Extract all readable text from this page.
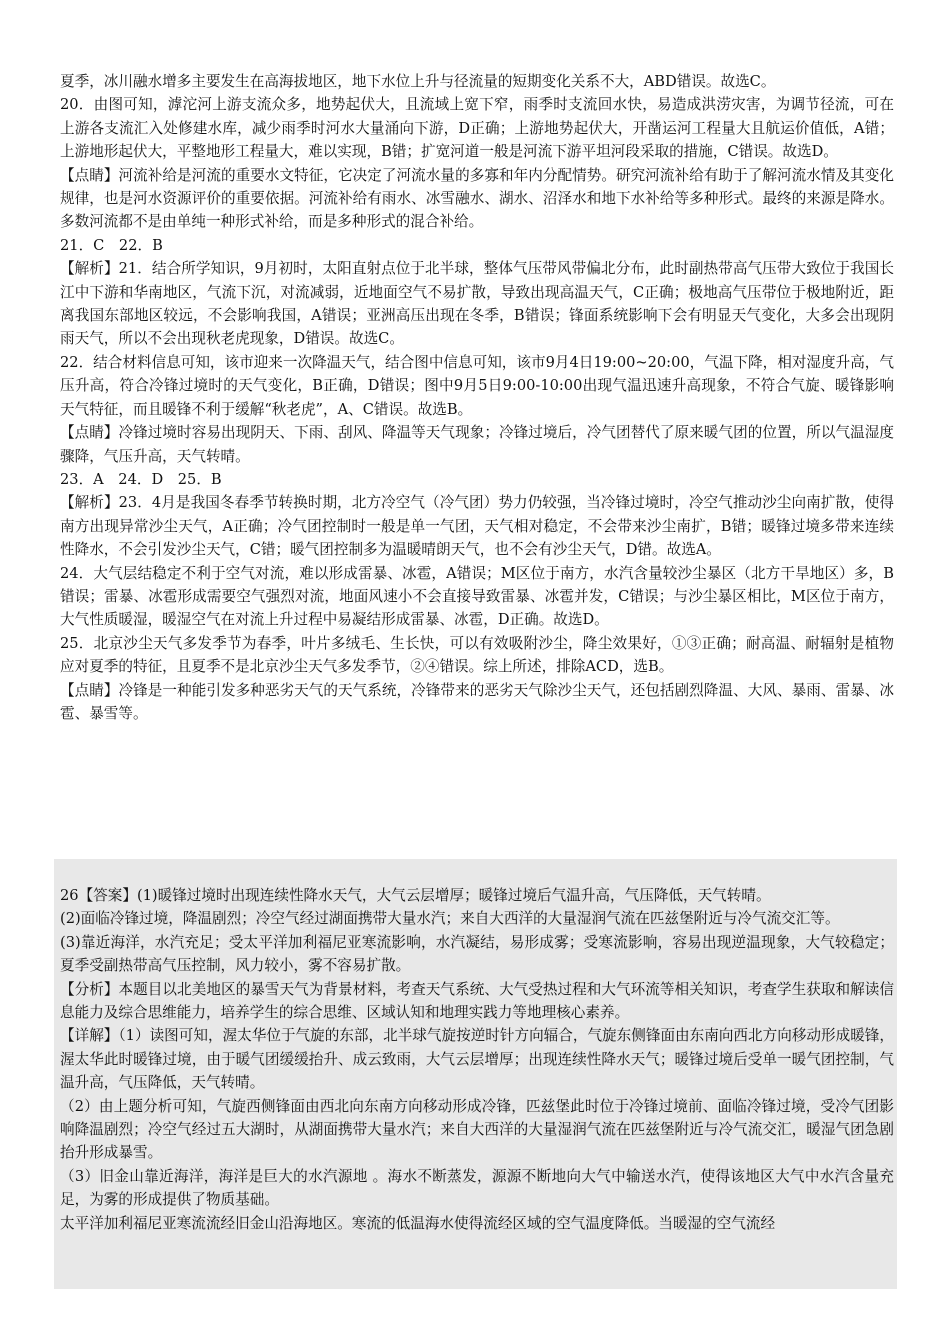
夏季，冰川融水增多主要发生在高海拔地区，地下水位上升与径流量的短期变化关系不大，ABD错误。故选C。

20．由图可知，滹沱河上游支流众多，地势起伏大，且流域上宽下窄，雨季时支流回水快，易造成洪涝灾害，为调节径流，可在上游各支流汇入处修建水库，减少雨季时河水大量涌向下游，D正确；上游地势起伏大，开凿运河工程量大且航运价值低，A错；上游地形起伏大，平整地形工程量大，难以实现，B错；扩宽河道一般是河流下游平坦河段采取的措施，C错误。故选D。

【点睛】河流补给是河流的重要水文特征，它决定了河流水量的多寡和年内分配情势。研究河流补给有助于了解河流水情及其变化规律，也是河水资源评价的重要依据。河流补给有雨水、冰雪融水、湖水、沼泽水和地下水补给等多种形式。最终的来源是降水。多数河流都不是由单纯一种形式补给，而是多种形式的混合补给。

21．C　22．B

【解析】21．结合所学知识，9月初时，太阳直射点位于北半球，整体气压带风带偏北分布，此时副热带高气压带大致位于我国长江中下游和华南地区，气流下沉，对流减弱，近地面空气不易扩散，导致出现高温天气，C正确；极地高气压带位于极地附近，距离我国东部地区较远，不会影响我国，A错误；亚洲高压出现在冬季，B错误；锋面系统影响下会有明显天气变化，大多会出现阴雨天气，所以不会出现秋老虎现象，D错误。故选C。

22．结合材料信息可知，该市迎来一次降温天气，结合图中信息可知，该市9月4日19:00~20:00，气温下降，相对湿度升高，气压升高，符合冷锋过境时的天气变化，B正确，D错误；图中9月5日9:00-10:00出现气温迅速升高现象，不符合气旋、暖锋影响天气特征，而且暖锋不利于缓解“秋老虎”，A、C错误。故选B。

【点睛】冷锋过境时容易出现阴天、下雨、刮风、降温等天气现象；冷锋过境后，冷气团替代了原来暖气团的位置，所以气温湿度骤降，气压升高，天气转晴。

23．A　24．D　25．B

【解析】23．4月是我国冬春季节转换时期，北方冷空气（冷气团）势力仍较强，当冷锋过境时，冷空气推动沙尘向南扩散，使得南方出现异常沙尘天气，A正确；冷气团控制时一般是单一气团，天气相对稳定，不会带来沙尘南扩，B错；暖锋过境多带来连续性降水，不会引发沙尘天气，C错；暖气团控制多为温暖晴朗天气，也不会有沙尘天气，D错。故选A。

24．大气层结稳定不利于空气对流，难以形成雷暴、冰雹，A错误；M区位于南方，水汽含量较沙尘暴区（北方干旱地区）多，B错误；雷暴、冰雹形成需要空气强烈对流，地面风速小不会直接导致雷暴、冰雹并发，C错误；与沙尘暴区相比，M区位于南方，大气性质暖湿，暖湿空气在对流上升过程中易凝结形成雷暴、冰雹，D正确。故选D。

25．北京沙尘天气多发季节为春季，叶片多绒毛、生长快，可以有效吸附沙尘，降尘效果好，①③正确；耐高温、耐辐射是植物应对夏季的特征，且夏季不是北京沙尘天气多发季节，②④错误。综上所述，排除ACD，选B。

【点睛】冷锋是一种能引发多种恶劣天气的天气系统，冷锋带来的恶劣天气除沙尘天气，还包括剧烈降温、大风、暴雨、雷暴、冰雹、暴雪等。

26【答案】(1)暖锋过境时出现连续性降水天气，大气云层增厚；暖锋过境后气温升高，气压降低，天气转晴。

(2)面临冷锋过境，降温剧烈；冷空气经过湖面携带大量水汽；来自大西洋的大量湿润气流在匹兹堡附近与冷气流交汇等。

(3)靠近海洋，水汽充足；受太平洋加利福尼亚寒流影响，水汽凝结，易形成雾；受寒流影响，容易出现逆温现象，大气较稳定；夏季受副热带高气压控制，风力较小，雾不容易扩散。

【分析】本题目以北美地区的暴雪天气为背景材料，考查天气系统、大气受热过程和大气环流等相关知识，考查学生获取和解读信息能力及综合思维能力，培养学生的综合思维、区域认知和地理实践力等地理核心素养。

【详解】（1）读图可知，渥太华位于气旋的东部，北半球气旋按逆时针方向辐合，气旋东侧锋面由东南向西北方向移动形成暖锋，渥太华此时暖锋过境，由于暖气团缓缓抬升、成云致雨，大气云层增厚；出现连续性降水天气；暖锋过境后受单一暖气团控制，气温升高，气压降低，天气转晴。

（2）由上题分析可知，气旋西侧锋面由西北向东南方向移动形成冷锋，匹兹堡此时位于冷锋过境前、面临冷锋过境，受冷气团影响降温剧烈；冷空气经过五大湖时，从湖面携带大量水汽；来自大西洋的大量湿润气流在匹兹堡附近与冷气流交汇，暖湿气团急剧抬升形成暴雪。

（3）旧金山靠近海洋，海洋是巨大的水汽源地 。海水不断蒸发，源源不断地向大气中输送水汽，使得该地区大气中水汽含量充足，为雾的形成提供了物质基础。

太平洋加利福尼亚寒流流经旧金山沿海地区。寒流的低温海水使得流经区域的空气温度降低。当暖湿的空气流经
